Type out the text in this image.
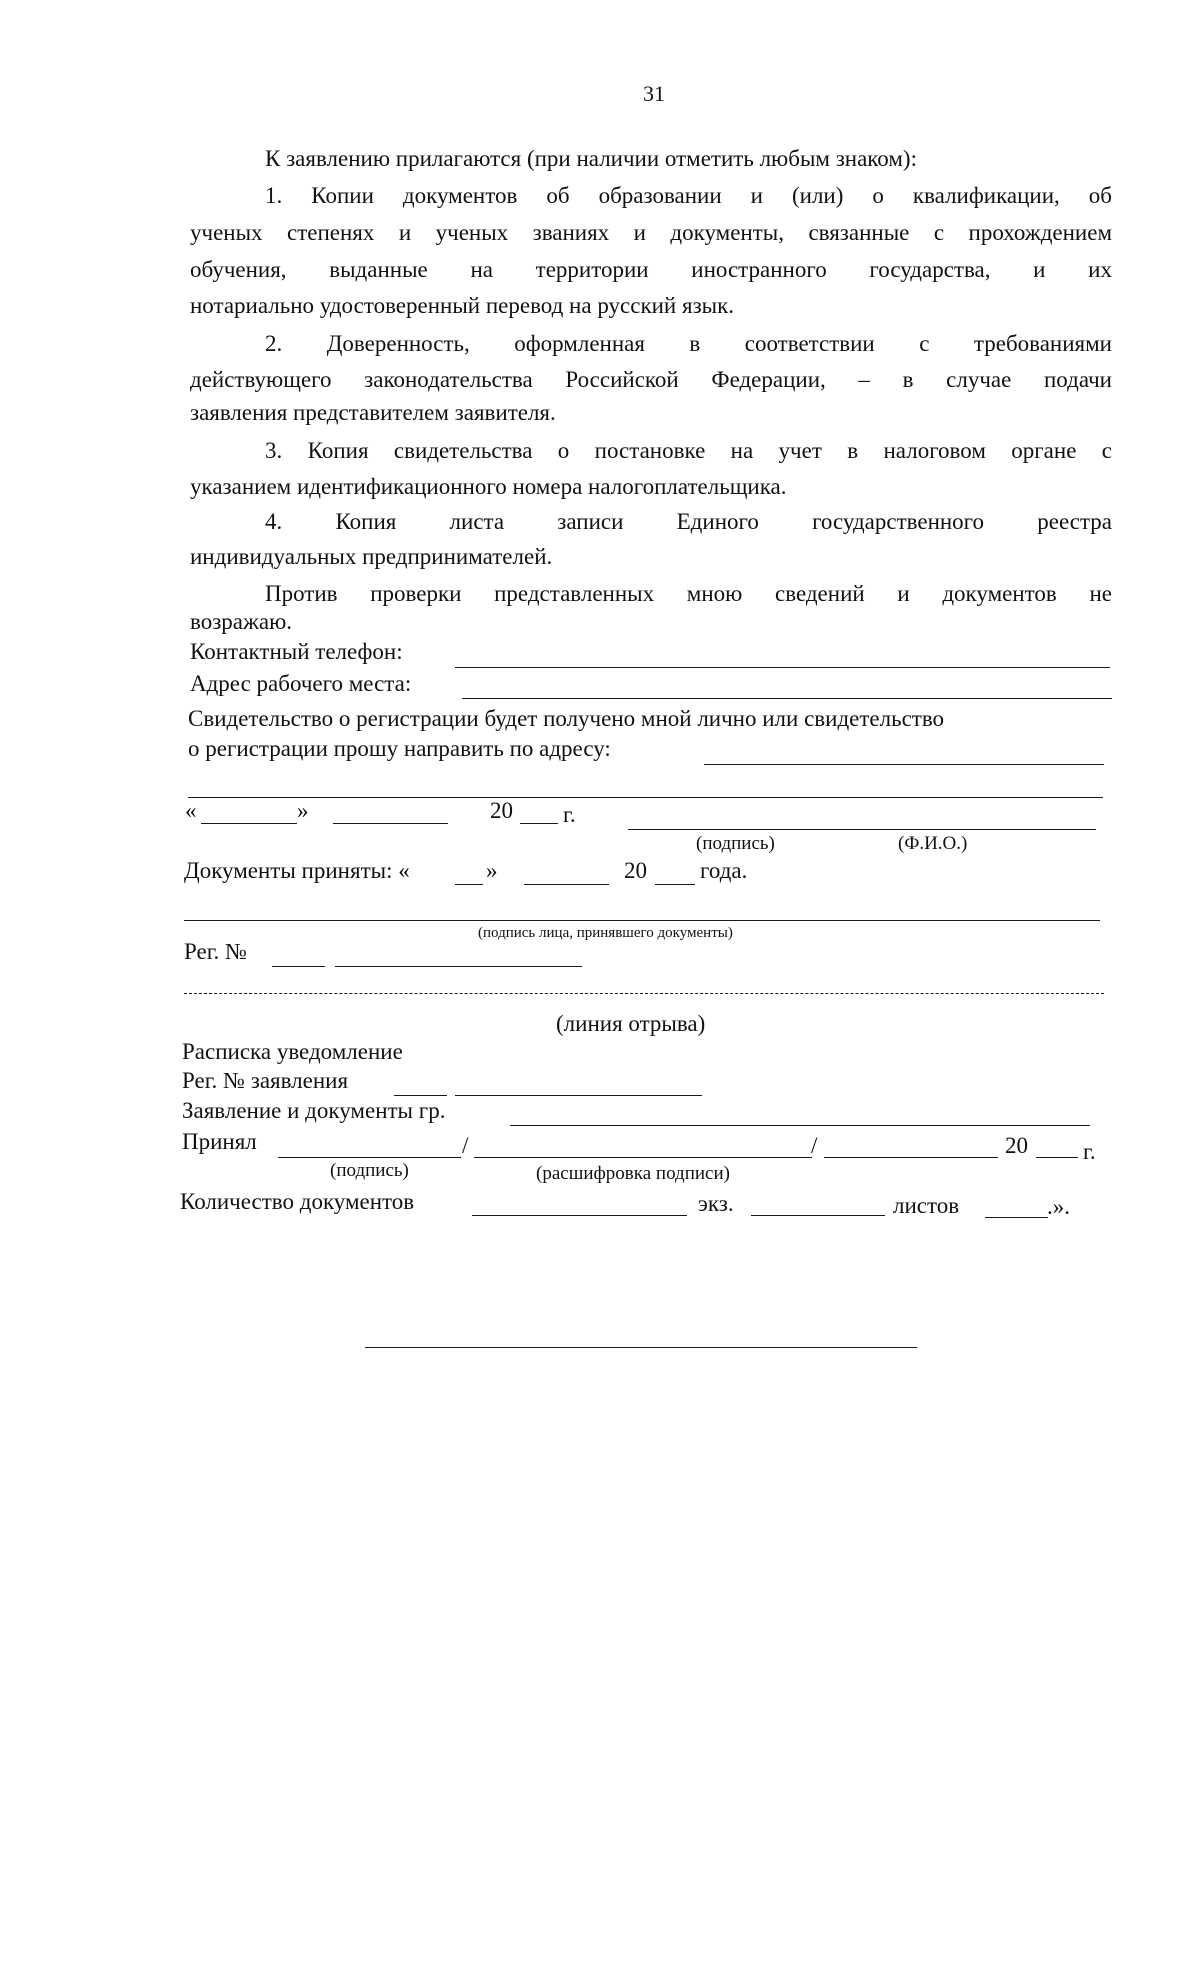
31
К заявлению прилагаются (при наличии отметить любым знаком):
1. Копии документов об образовании и (или) о квалификации, об
ученых степенях и ученых званиях и документы, связанные с прохождением
обучения, выданные на территории иностранного государства, и их
нотариально удостоверенный перевод на русский язык.
2. Доверенность, оформленная в соответствии с требованиями
действующего законодательства Российской Федерации, – в случае подачи
заявления представителем заявителя.
3. Копия свидетельства о постановке на учет в налоговом органе с
указанием идентификационного номера налогоплательщика.
4. Копия листа записи Единого государственного реестра
индивидуальных предпринимателей.
Против проверки представленных мною сведений и документов не
возражаю.
Контактный телефон:
Адрес рабочего места:
Свидетельство о регистрации будет получено мной лично или свидетельство
о регистрации прошу направить по адресу:
«	»	20 г.
(подпись)	(Ф.И.О.)
Документы приняты: «	»	20 года.
(подпись лица, принявшего документы)
Рег. №
(линия отрыва)
Расписка уведомление
Рег. № заявления
Заявление и документы гр.
Принял	/	/	20 г.
(подпись)	(расшифровка подписи)
Количество документов	экз.	листов	.».
